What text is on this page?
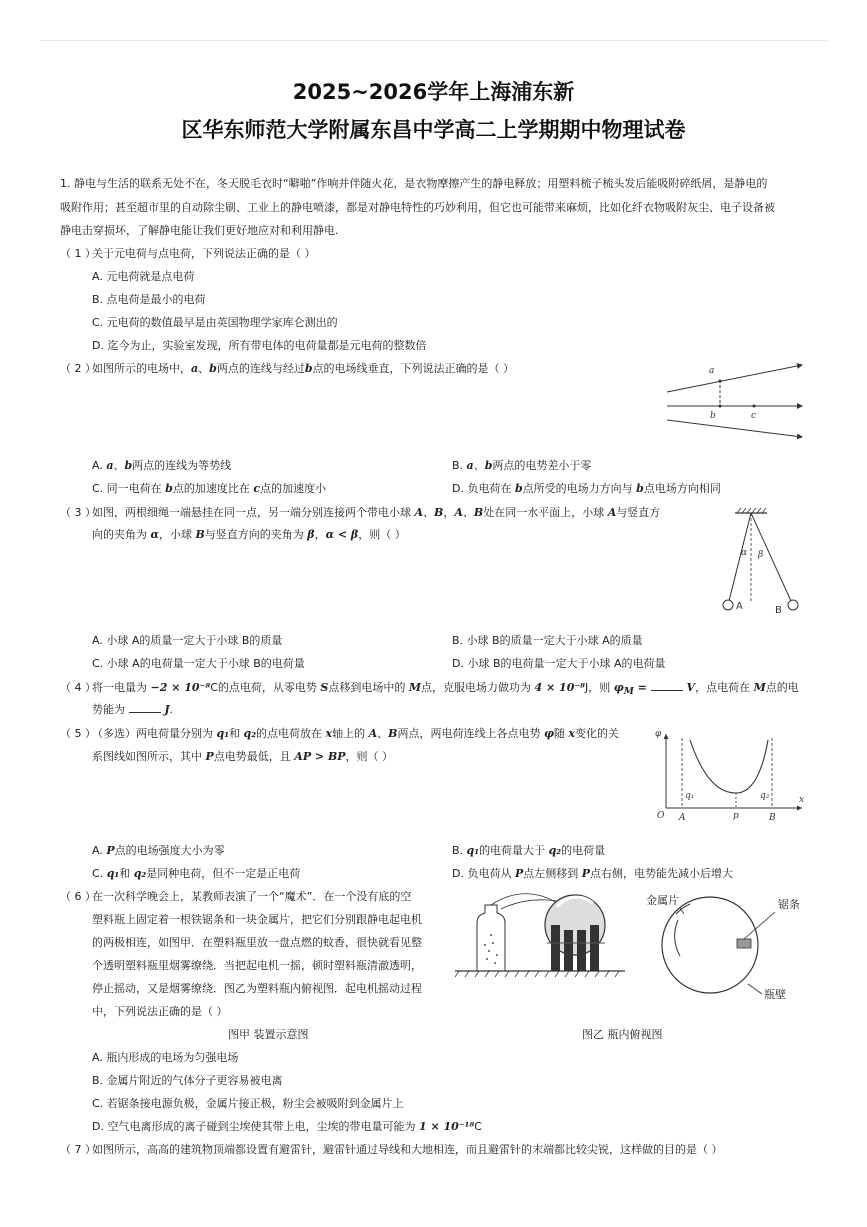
2025~2026学年上海浦东新
区华东师范大学附属东昌中学高二上学期期中物理试卷
1. 静电与生活的联系无处不在，冬天脱毛衣时“噼啪”作响并伴随火花，是衣物摩擦产生的静电释放；用塑料梳子梳头发后能吸附碎纸屑，是静电的
吸附作用；甚至超市里的自动除尘刷、工业上的静电喷漆，都是对静电特性的巧妙利用，但它也可能带来麻烦，比如化纤衣物吸附灰尘、电子设备被
静电击穿损坏，了解静电能让我们更好地应对和利用静电.
（ 1 ）
关于元电荷与点电荷，下列说法正确的是（ ）
A. 元电荷就是点电荷
B. 点电荷是最小的电荷
C. 元电荷的数值最早是由英国物理学家库仑测出的
D. 迄今为止，实验室发现，所有带电体的电荷量都是元电荷的整数倍
（ 2 ）
如图所示的电场中，a、b两点的连线与经过b点的电场线垂直，下列说法正确的是（ ）	a
b	c
A. a、b两点的连线为等势线	B. a、b两点的电势差小于零
C. 同一电荷在 b点的加速度比在 c点的加速度小	D. 负电荷在 b点所受的电场力方向与 b点电场方向相同
（ 3 ）
如图，两根细绳一端悬挂在同一点，另一端分别连接两个带电小球 A、B，A、B处在同一水平面上，小球 A与竖直方
向的夹角为 α，小球 B与竖直方向的夹角为 β，α < β，则（ ）
α β
A	B
A. 小球 A的质量一定大于小球 B的质量	B. 小球 B的质量一定大于小球 A的质量
C. 小球 A的电荷量一定大于小球 B的电荷量	D. 小球 B的电荷量一定大于小球 A的电荷量
（ 4 ）
将一电量为 −2 × 10⁻⁸C的点电荷，从零电势 S点移到电场中的 M点，克服电场力做功为 4 × 10⁻⁸J，则 $\varphi_M$ =	V，点电荷在 M点的电
势能为	J.
（ 5 ）
（多选）两电荷量分别为 q₁和 q₂的点电荷放在 x轴上的 A、B两点，两电荷连线上各点电势 φ随 x变化的关
系图线如图所示，其中 P点电势最低，且 AP > BP，则（ ）
φ
x
O A	p	B
q₁	q₂
A. P点的电场强度大小为零	B. q₁的电荷量大于 q₂的电荷量
C. q₁和 q₂是同种电荷，但不一定是正电荷	D. 负电荷从 P点左侧移到 P点右侧，电势能先减小后增大
（ 6 ）
在一次科学晚会上，某教师表演了一个“魔术”．在一个没有底的空
塑料瓶上固定着一根铁锯条和一块金属片，把它们分别跟静电起电机
的两极相连，如图甲．在塑料瓶里放一盘点燃的蚊香，很快就看见整
个透明塑料瓶里烟雾缭绕．当把起电机一摇，顿时塑料瓶清澈透明，
停止摇动，又是烟雾缭绕．图乙为塑料瓶内俯视图．起电机摇动过程
中，下列说法正确的是（ ）
金属片	锯条
瓶壁
图甲 装置示意图	图乙 瓶内俯视图
A. 瓶内形成的电场为匀强电场
B. 金属片附近的气体分子更容易被电离
C. 若锯条接电源负极，金属片接正极，粉尘会被吸附到金属片上
D. 空气电离形成的离子碰到尘埃使其带上电，尘埃的带电量可能为 1 × 10⁻¹⁸C
（ 7 ）
如图所示，高高的建筑物顶端都设置有避雷针，避雷针通过导线和大地相连，而且避雷针的末端都比较尖锐，这样做的目的是（ ）
